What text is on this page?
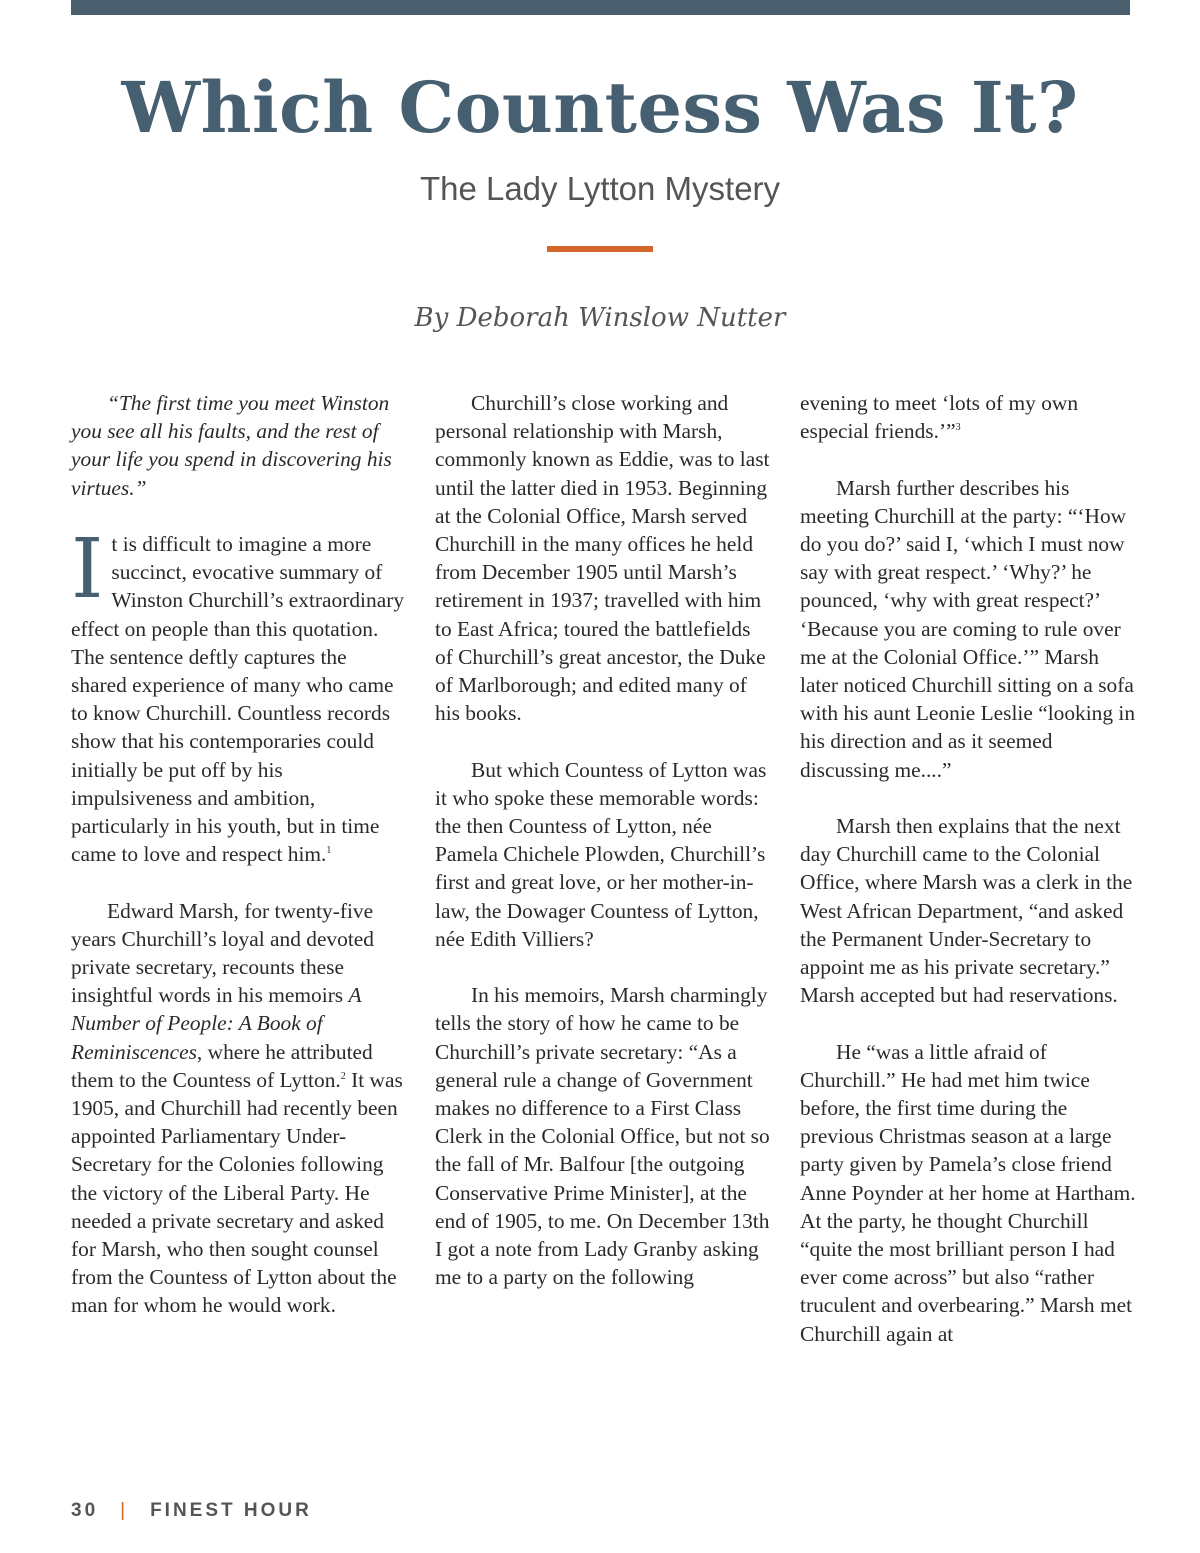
Which Countess Was It?
The Lady Lytton Mystery
By Deborah Winslow Nutter

“The first time you meet Winston you see all his faults, and the rest of your life you spend in discovering his virtues.”

It is difficult to imagine a more succinct, evocative summary of Winston Churchill’s extraordinary effect on people than this quotation. The sentence deftly captures the shared experience of many who came to know Churchill. Countless records show that his contemporaries could initially be put off by his impulsiveness and ambition, particularly in his youth, but in time came to love and respect him.$^1$

Edward Marsh, for twenty-five years Churchill’s loyal and devoted private secretary, recounts these insightful words in his memoirs A Number of People: A Book of Reminiscences, where he attributed them to the Countess of Lytton.$^2$ It was 1905, and Churchill had recently been appointed Parliamentary Under-Secretary for the Colonies following the victory of the Liberal Party. He needed a private secretary and asked for Marsh, who then sought counsel from the Countess of Lytton about the man for whom he would work.

Churchill’s close working and personal relationship with Marsh, commonly known as Eddie, was to last until the latter died in 1953. Beginning at the Colonial Office, Marsh served Churchill in the many offices he held from December 1905 until Marsh’s retirement in 1937; travelled with him to East Africa; toured the battlefields of Churchill’s great ancestor, the Duke of Marlborough; and edited many of his books.

But which Countess of Lytton was it who spoke these memorable words: the then Countess of Lytton, née Pamela Chichele Plowden, Churchill’s first and great love, or her mother-in-law, the Dowager Countess of Lytton, née Edith Villiers?

In his memoirs, Marsh charmingly tells the story of how he came to be Churchill’s private secretary: “As a general rule a change of Government makes no difference to a First Class Clerk in the Colonial Office, but not so the fall of Mr. Balfour [the outgoing Conservative Prime Minister], at the end of 1905, to me. On December 13th I got a note from Lady Granby asking me to a party on the following

evening to meet ‘lots of my own especial friends.’”$^3$

Marsh further describes his meeting Churchill at the party: “‘How do you do?’ said I, ‘which I must now say with great respect.’ ‘Why?’ he pounced, ‘why with great respect?’ ‘Because you are coming to rule over me at the Colonial Office.’” Marsh later noticed Churchill sitting on a sofa with his aunt Leonie Leslie “looking in his direction and as it seemed discussing me....”

Marsh then explains that the next day Churchill came to the Colonial Office, where Marsh was a clerk in the West African Department, “and asked the Permanent Under-Secretary to appoint me as his private secretary.” Marsh accepted but had reservations.

He “was a little afraid of Churchill.” He had met him twice before, the first time during the previous Christmas season at a large party given by Pamela’s close friend Anne Poynder at her home at Hartham. At the party, he thought Churchill “quite the most brilliant person I had ever come across” but also “rather truculent and overbearing.” Marsh met Churchill again at

30 | FINEST HOUR
